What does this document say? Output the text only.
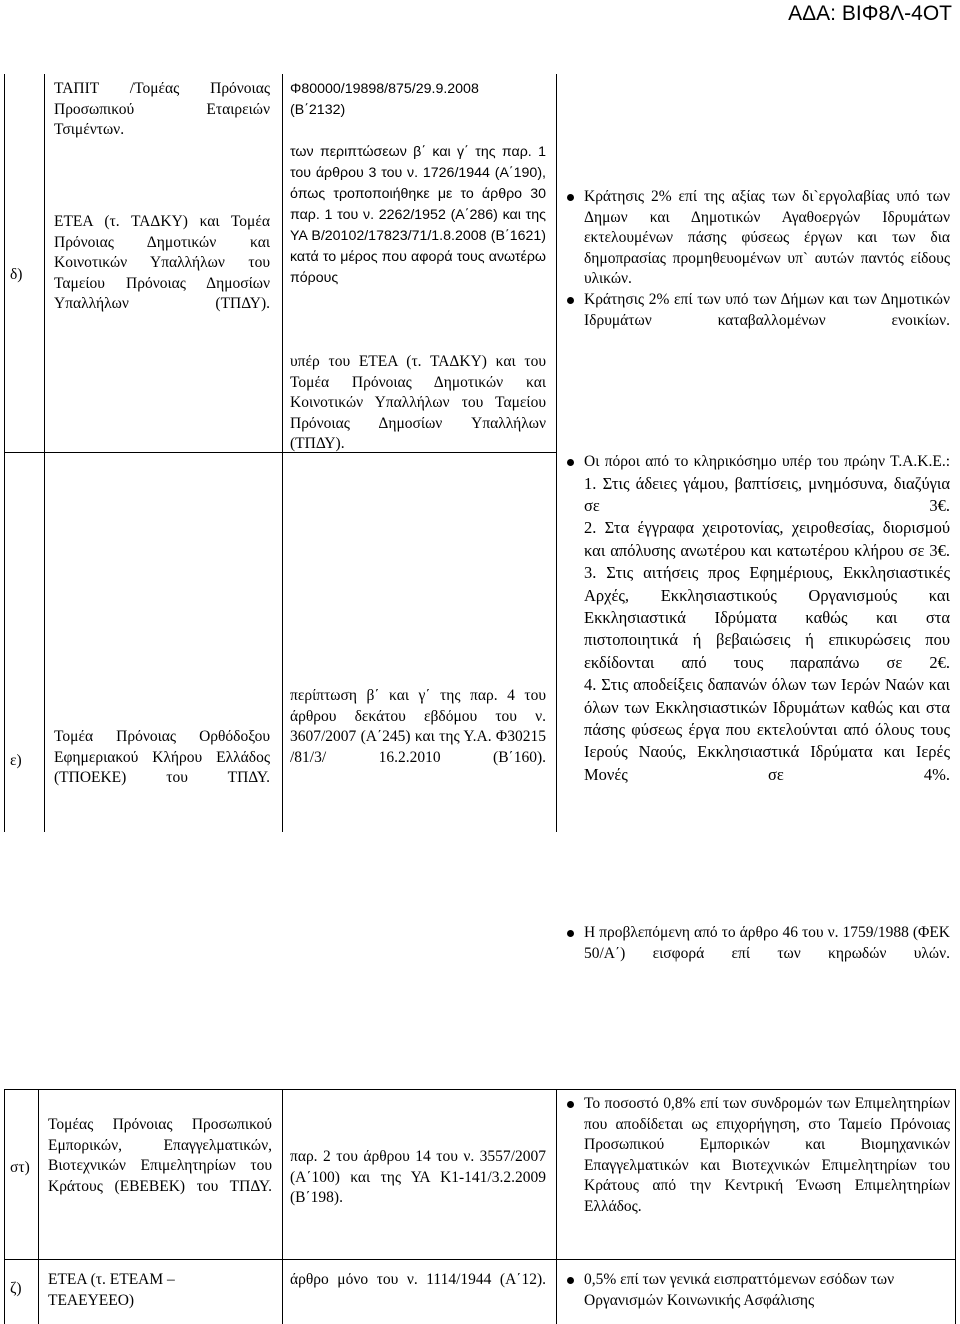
ΑΔΑ: ΒΙΦ8Λ-4ΟΤ
δ)
ΤΑΠΙΤ /Τομέας Πρόνοιας Προσωπικού Εταιρειών Τσιμέντων.
ΕΤΕΑ (τ. ΤΑΔΚΥ) και Τομέα Πρόνοιας Δημοτικών και Κοινοτικών Υπαλλήλων του Ταμείου Πρόνοιας Δημοσίων Υπαλλήλων (ΤΠΔΥ).
Φ80000/19898/875/29.9.2008
(Β΄2132)
των περιπτώσεων β΄ και γ΄ της παρ. 1 του άρθρου 3 του ν. 1726/1944 (Α΄190), όπως τροποποιήθηκε με το άρθρο 30 παρ. 1 του ν. 2262/1952 (Α΄286) και της ΥΑ Β/20102/17823/71/1.8.2008 (Β΄1621) κατά το μέρος που αφορά τους ανωτέρω πόρους
υπέρ του ΕΤΕΑ (τ. ΤΑΔΚΥ) και του Τομέα Πρόνοιας Δημοτικών και Κοινοτικών Υπαλλήλων του Ταμείου Πρόνοιας Δημοσίων Υπαλλήλων (ΤΠΔΥ).
Κράτησις 2% επί της αξίας των δι`εργολαβίας υπό των Δημων και Δημοτικών Αγαθοεργών Ιδρυμάτων εκτελουμένων πάσης φύσεως έργων και των δια δημοπρασίας προμηθευομένων υπ` αυτών παντός είδους υλικών.
Κράτησις 2% επί των υπό των Δήμων και των Δημοτικών Ιδρυμάτων καταβαλλομένων ενοικίων.
ε)
Τομέα Πρόνοιας Ορθόδοξου Εφημεριακού Κλήρου Ελλάδος (ΤΠΟΕΚΕ) του ΤΠΔΥ.
περίπτωση β΄ και γ΄ της παρ. 4 του άρθρου δεκάτου εβδόμου του ν. 3607/2007 (Α΄245) και της Υ.Α. Φ30215 /81/3/ 16.2.2010 (Β΄160).
Οι πόροι από το κληρικόσημο υπέρ του πρώην Τ.Α.Κ.Ε.:

1. Στις άδειες γάμου, βαπτίσεις, μνημόσυνα, διαζύγια σε 3€.

2. Στα έγγραφα χειροτονίας, χειροθεσίας, διορισμού και απόλυσης ανωτέρου και κατωτέρου κλήρου σε 3€.

3. Στις αιτήσεις προς Εφημέριους, Εκκλησιαστικές Αρχές, Εκκλησιαστικούς Οργανισμούς και Εκκλησιαστικά Ιδρύματα καθώς και στα πιστοποιητικά ή βεβαιώσεις ή επικυρώσεις που εκδίδονται από τους παραπάνω σε 2€.

4. Στις αποδείξεις δαπανών όλων των Ιερών Ναών και όλων των Εκκλησιαστικών Ιδρυμάτων καθώς και στα πάσης φύσεως έργα που εκτελούνται από όλους τους Ιερούς Ναούς, Εκκλησιαστικά Ιδρύματα και Ιερές Μονές σε 4%.

Η προβλεπόμενη από το άρθρο 46 του ν. 1759/1988 (ΦΕΚ 50/Α΄) εισφορά επί των κηρωδών υλών.
στ)
Τομέας Πρόνοιας Προσωπικού Εμπορικών, Επαγγελματικών, Βιοτεχνικών Επιμελητηρίων του Κράτους (ΕΒΕΒΕΚ) του ΤΠΔΥ.
παρ. 2 του άρθρου 14 του ν. 3557/2007 (Α΄100) και της ΥΑ Κ1-141/3.2.2009 (Β΄198).
Το ποσοστό 0,8% επί των συνδρομών των Επιμελητηρίων που αποδίδεται ως επιχορήγηση, στο Ταμείο Πρόνοιας Προσωπικού Εμπορικών και Βιομηχανικών Επαγγελματικών και Βιοτεχνικών Επιμελητηρίων του Κράτους από την Κεντρική Ένωση Επιμελητηρίων Ελλάδος.
ζ)
ΕΤΕΑ (τ. ΕΤΕΑΜ – ΤΕΑΕΥΕΕΟ)
άρθρο μόνο του ν. 1114/1944 (Α΄12).	0,5% επί των γενικά εισπραττόμενων εσόδων των Οργανισμών Κοινωνικής Ασφάλισης
